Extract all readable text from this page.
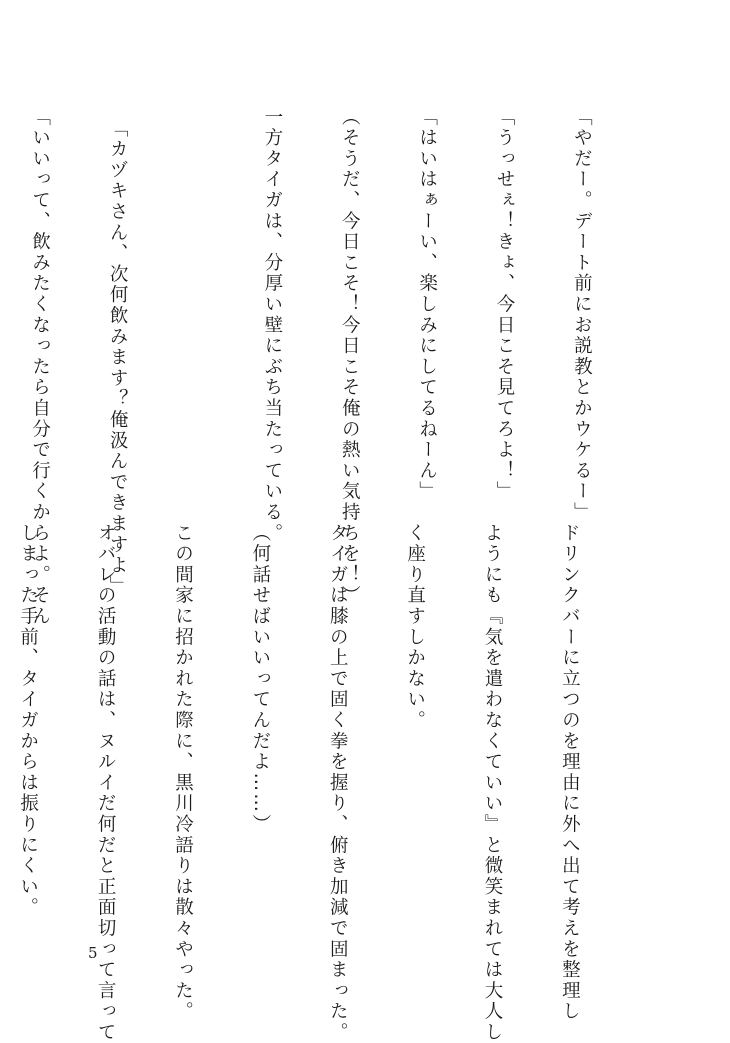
「やだー。デート前にお説教とかウケるー」

「うっせぇ！きょ、今日こそ見てろよ！」

「はいはぁーい、楽しみにしてるねーん」

（そうだ、今日こそ！今日こそ俺の熱い気持ちを！）

一方タイガは、分厚い壁にぶち当たっている。

　「カヅキさん、次何飲みます？俺汲んできますよ」

「いいって、飲みたくなったら自分で行くからよ。そん

ドリンクバーに立つのを理由に外へ出て考えを整理し

ようにも『気を遣わなくていい』と微笑まれては大人し

く座り直すしかない。

タイガは膝の上で固く拳を握り、俯き加減で固まった。

（何話せばいいってんだよ……）

この間家に招かれた際に、黒川冷語りは散々やった。

オバレの活動の話は、ヌルイだ何だと正面切って言って

しまった手前、タイガからは振りにくい。

5
